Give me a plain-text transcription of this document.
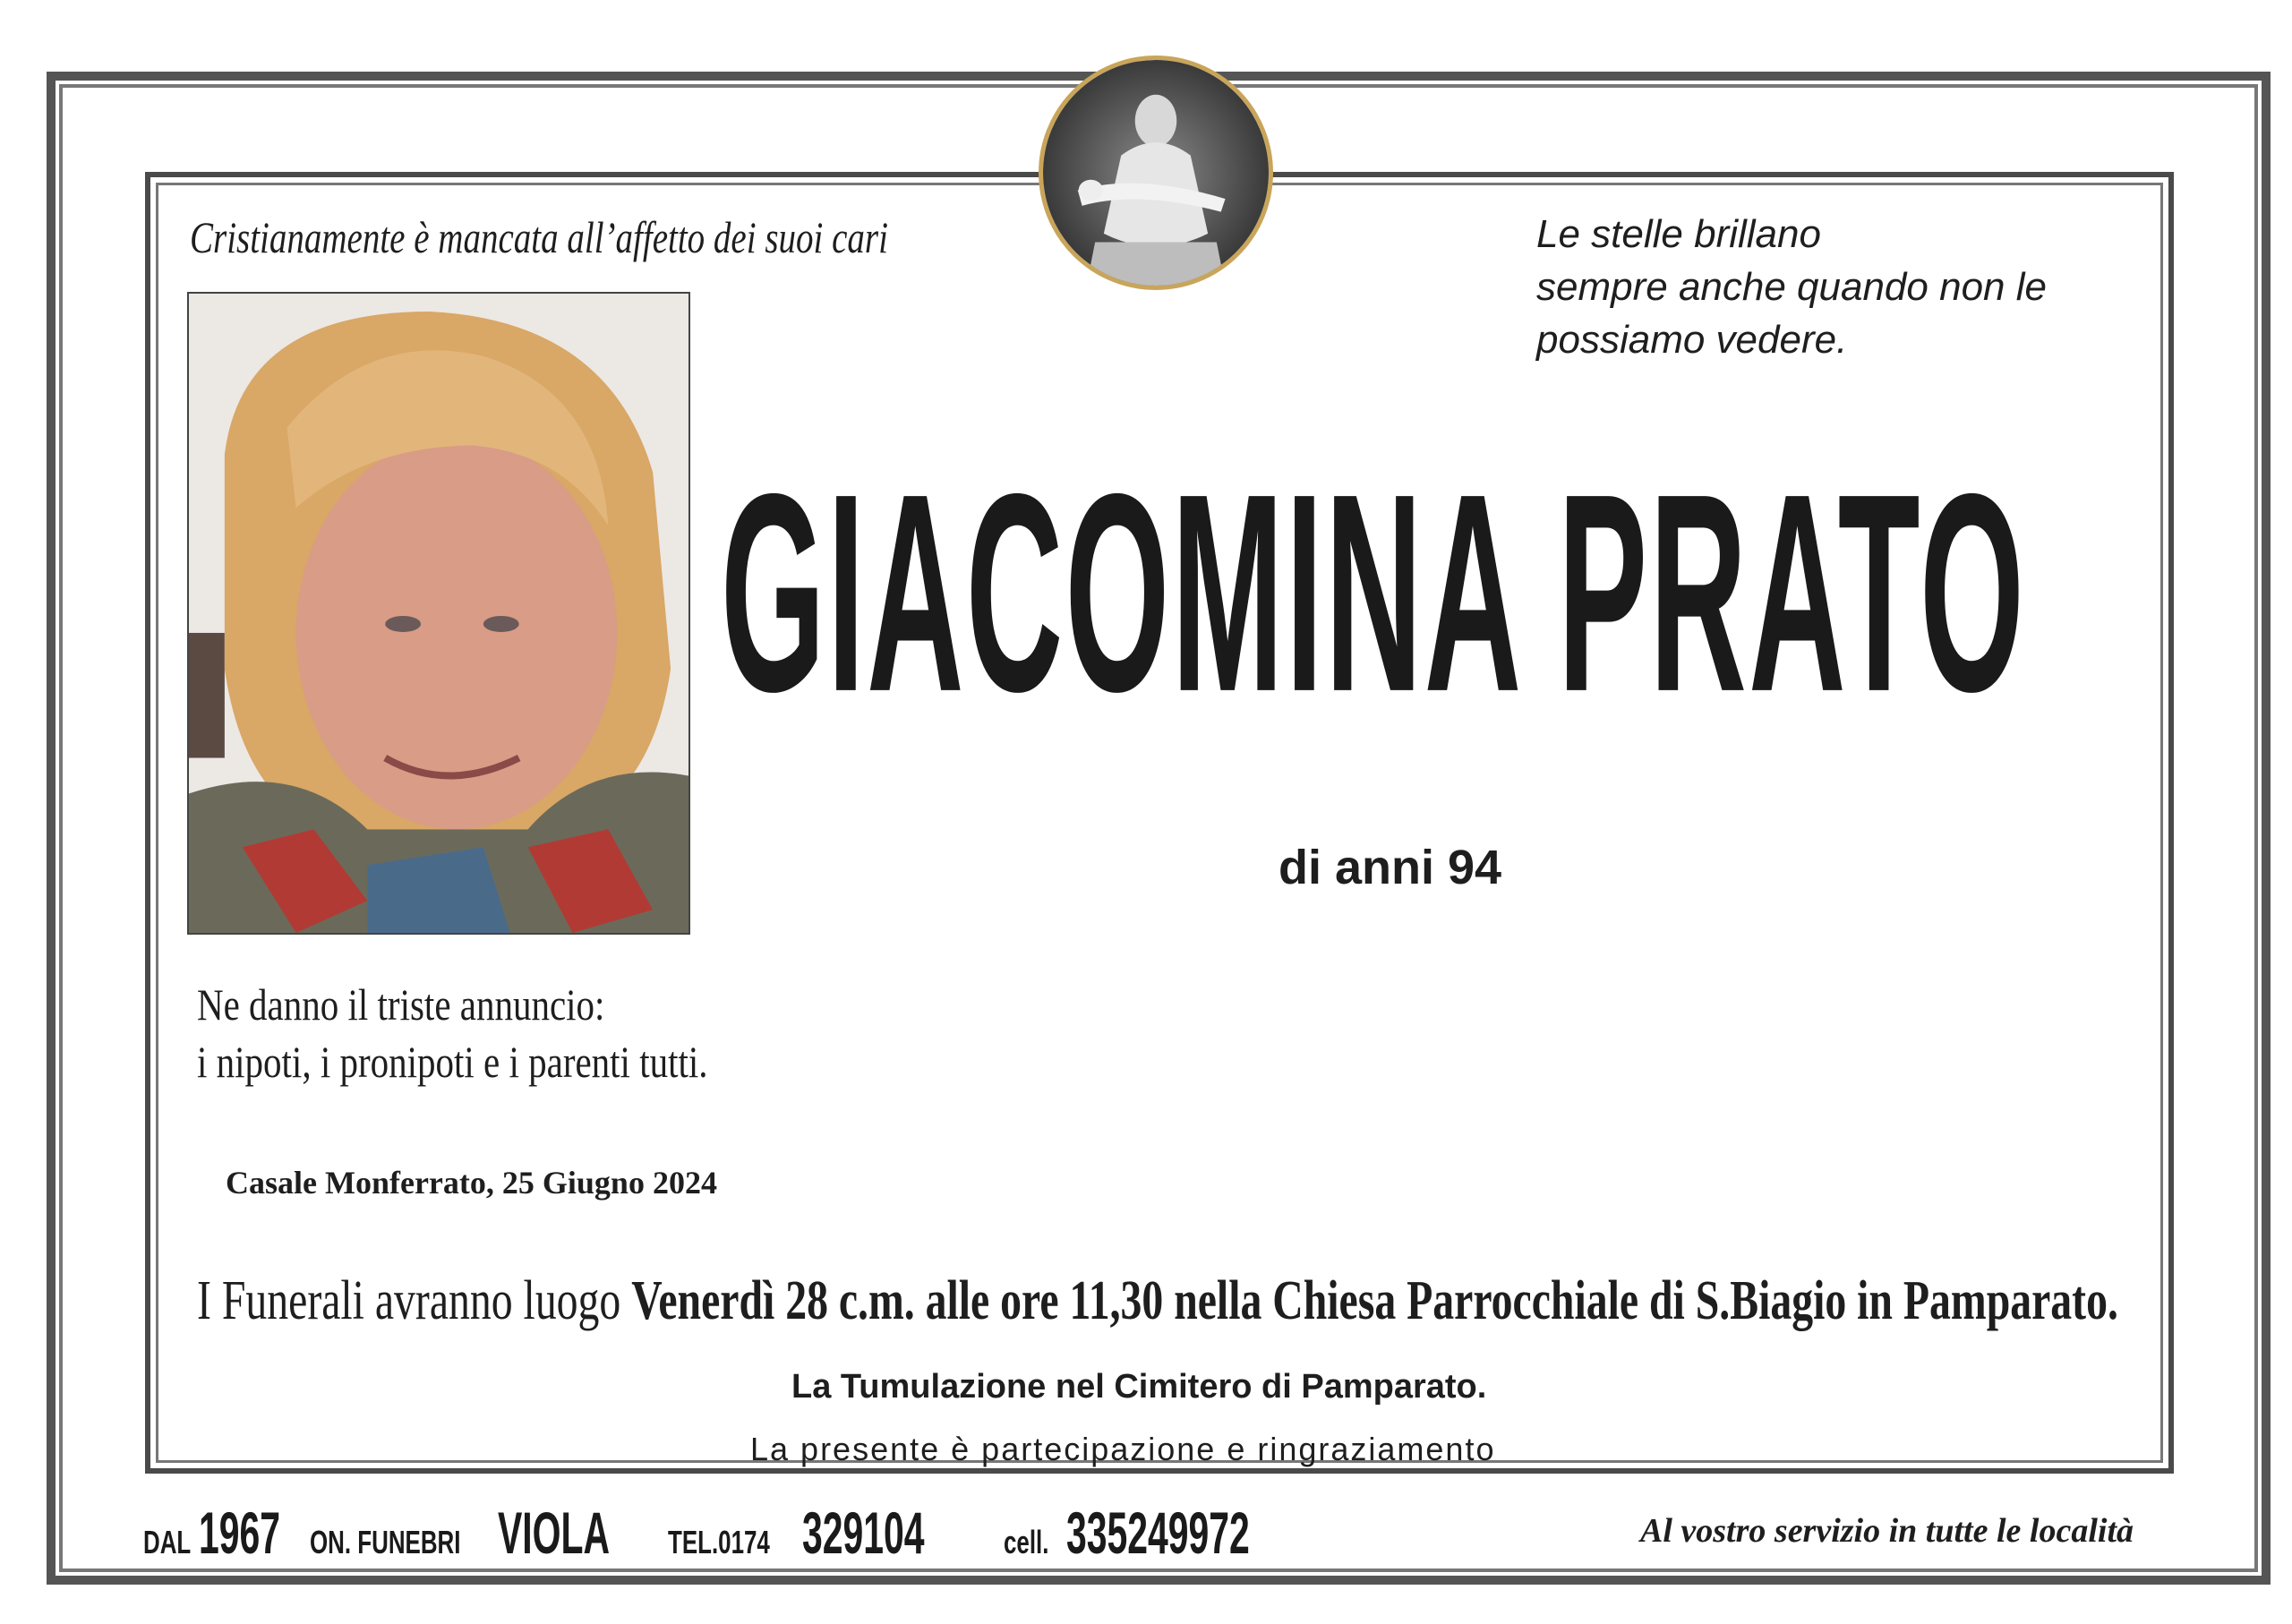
Cristianamente è mancata all’affetto dei suoi cari	Le stelle brillano
sempre anche quando non le
possiamo vedere.
GIACOMINA PRATO
di anni 94
Ne danno il triste annuncio:
i nipoti, i pronipoti e i parenti tutti.
Casale Monferrato, 25 Giugno 2024
I Funerali avranno luogo Venerdì 28 c.m. alle ore 11,30 nella Chiesa Parrocchiale di S.Biagio in Pamparato.
La Tumulazione nel Cimitero di Pamparato.
La presente è partecipazione e ringraziamento
DAL 1967 ON. FUNEBRI VIOLA TEL.0174 329104 cell. 335249972	Al vostro servizio in tutte le località
